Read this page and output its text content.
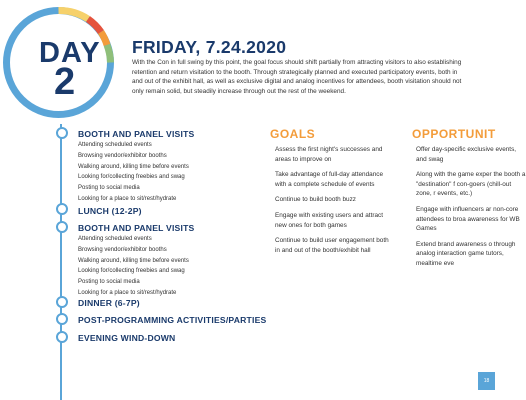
DAY
2
FRIDAY, 7.24.2020
With the Con in full swing by this point, the goal focus should shift partially from attracting visitors to also establishing retention and return visitation to the booth. Through strategically planned and executed participatory events, both in and out of the exhibit hall, as well as exclusive digital and analog incentives for attendees, booth visitation should not only remain solid, but steadily increase through out the rest of the weekend.
BOOTH AND PANEL VISITS
Attending scheduled events
Browsing vendor/exhibitor booths
Walking around, killing time before events
Looking for/collecting freebies and swag
Posting to social media
Looking for a place to sit/rest/hydrate
LUNCH (12-2P)
BOOTH AND PANEL VISITS
Attending scheduled events
Browsing vendor/exhibitor booths
Walking around, killing time before events
Looking for/collecting freebies and swag
Posting to social media
Looking for a place to sit/rest/hydrate
DINNER (6-7P)
POST-PROGRAMMING ACTIVITIES/PARTIES
EVENING WIND-DOWN
GOALS

Assess the first night's successes and areas to improve on

Take advantage of full-day attendance with a complete schedule of events

Continue to build booth buzz

Engage with existing users and attract new ones for both games

Continue to build user engagement both in and out of the booth/exhibit hall

OPPORTUNIT

Offer day-specific exclusive events, and swag

Along with the game exper the booth a "destination" f con-goers (chill-out zone, r events, etc.)

Engage with influencers ar non-core attendees to broa awareness for WB Games

Extend brand awareness o through analog interaction game tutors, mealtime eve

18
